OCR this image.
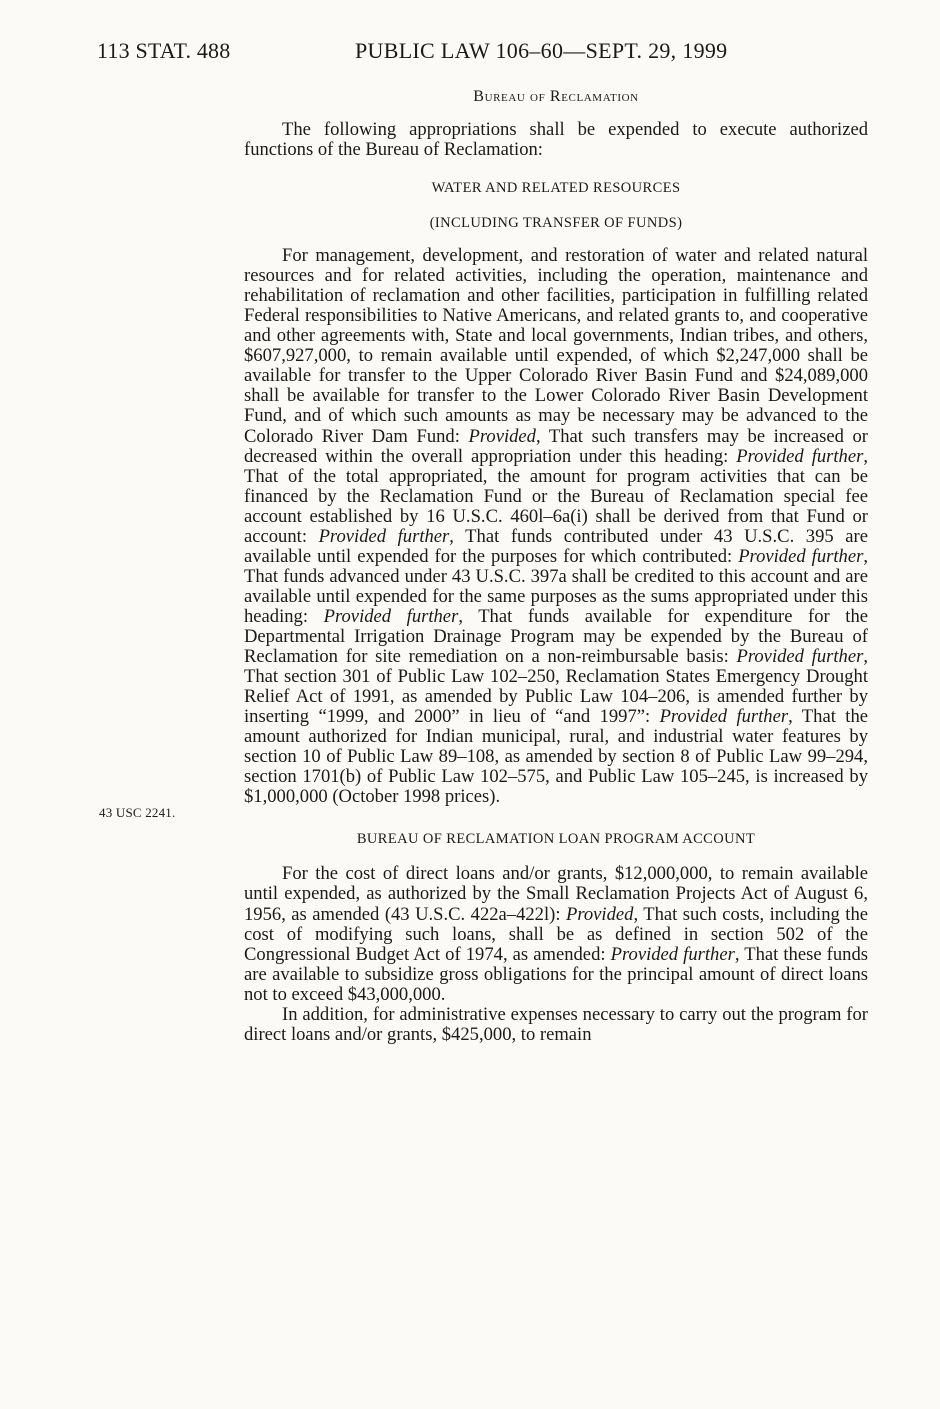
113 STAT. 488	PUBLIC LAW 106–60—SEPT. 29, 1999
43 USC 2241.
Bureau of Reclamation

The following appropriations shall be expended to execute authorized functions of the Bureau of Reclamation:

WATER AND RELATED RESOURCES
(INCLUDING TRANSFER OF FUNDS)

For management, development, and restoration of water and related natural resources and for related activities, including the operation, maintenance and rehabilitation of reclamation and other facilities, participation in fulfilling related Federal responsibilities to Native Americans, and related grants to, and cooperative and other agreements with, State and local governments, Indian tribes, and others, $607,927,000, to remain available until expended, of which $2,247,000 shall be available for transfer to the Upper Colorado River Basin Fund and $24,089,000 shall be available for transfer to the Lower Colorado River Basin Development Fund, and of which such amounts as may be necessary may be advanced to the Colorado River Dam Fund: Provided, That such transfers may be increased or decreased within the overall appropriation under this heading: Provided further, That of the total appropriated, the amount for program activities that can be financed by the Reclamation Fund or the Bureau of Reclamation special fee account established by 16 U.S.C. 460l–6a(i) shall be derived from that Fund or account: Provided further, That funds contributed under 43 U.S.C. 395 are available until expended for the purposes for which contributed: Provided further, That funds advanced under 43 U.S.C. 397a shall be credited to this account and are available until expended for the same purposes as the sums appropriated under this heading: Provided further, That funds available for expenditure for the Departmental Irrigation Drainage Program may be expended by the Bureau of Reclamation for site remediation on a non-reimbursable basis: Provided further, That section 301 of Public Law 102–250, Reclamation States Emergency Drought Relief Act of 1991, as amended by Public Law 104–206, is amended further by inserting “1999, and 2000” in lieu of “and 1997”: Provided further, That the amount authorized for Indian municipal, rural, and industrial water features by section 10 of Public Law 89–108, as amended by section 8 of Public Law 99–294, section 1701(b) of Public Law 102–575, and Public Law 105–245, is increased by $1,000,000 (October 1998 prices).

BUREAU OF RECLAMATION LOAN PROGRAM ACCOUNT

For the cost of direct loans and/or grants, $12,000,000, to remain available until expended, as authorized by the Small Reclamation Projects Act of August 6, 1956, as amended (43 U.S.C. 422a–422l): Provided, That such costs, including the cost of modifying such loans, shall be as defined in section 502 of the Congressional Budget Act of 1974, as amended: Provided further, That these funds are available to subsidize gross obligations for the principal amount of direct loans not to exceed $43,000,000.

In addition, for administrative expenses necessary to carry out the program for direct loans and/or grants, $425,000, to remain
